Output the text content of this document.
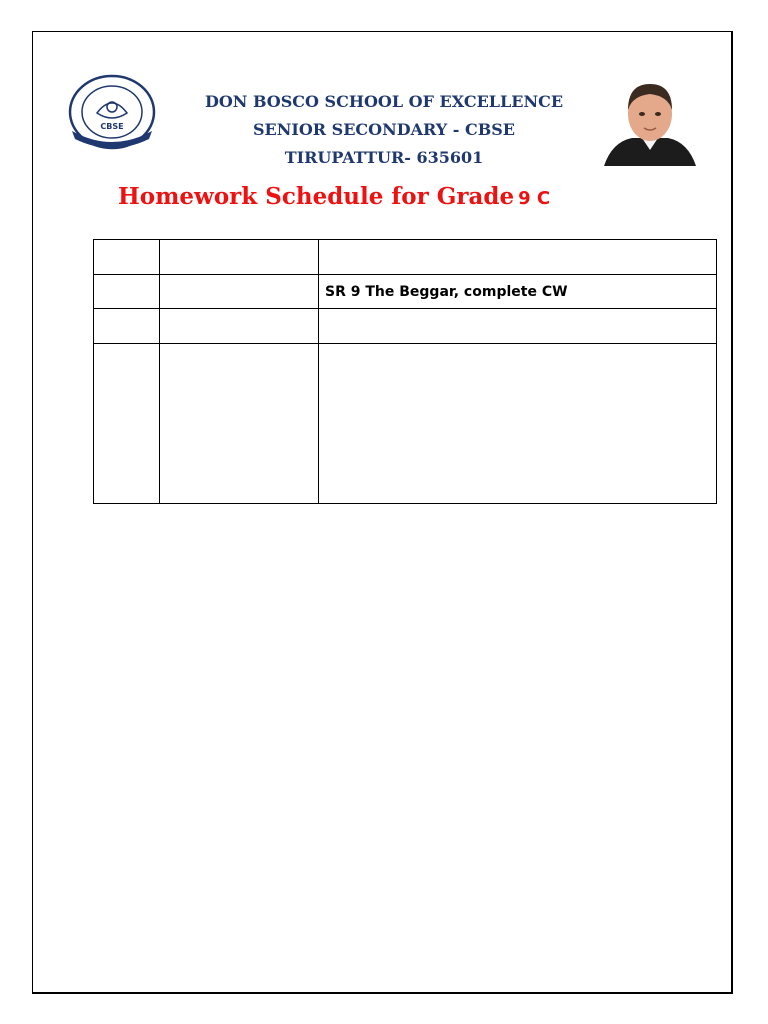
CBSE
DON BOSCO SCHOOL OF EXCELLENCE
SENIOR SECONDARY - CBSE
TIRUPATTUR- 635601
Homework Schedule for Grade 9 C

		SR 9 The Beggar, complete CW
